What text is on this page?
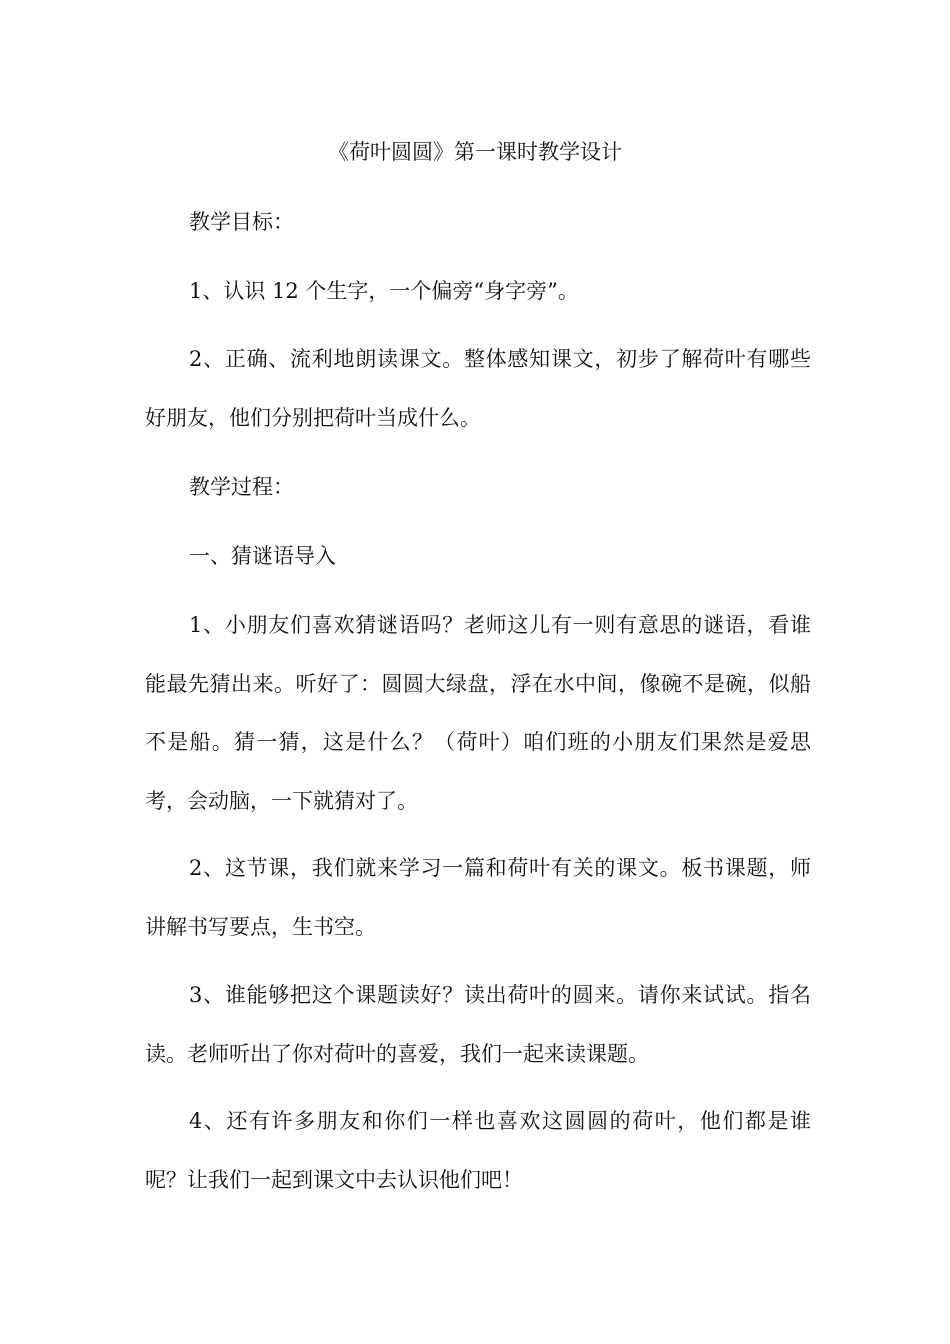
《荷叶圆圆》第一课时教学设计

教学目标：

1、认识 12 个生字，一个偏旁“身字旁”。

2、正确、流利地朗读课文。整体感知课文，初步了解荷叶有哪些好朋友，他们分别把荷叶当成什么。

教学过程：

一、猜谜语导入

1、小朋友们喜欢猜谜语吗？老师这儿有一则有意思的谜语，看谁能最先猜出来。听好了：圆圆大绿盘，浮在水中间，像碗不是碗，似船不是船。猜一猜，这是什么？（荷叶）咱们班的小朋友们果然是爱思考，会动脑，一下就猜对了。

2、这节课，我们就来学习一篇和荷叶有关的课文。板书课题，师讲解书写要点，生书空。

3、谁能够把这个课题读好？读出荷叶的圆来。请你来试试。指名读。老师听出了你对荷叶的喜爱，我们一起来读课题。

4、还有许多朋友和你们一样也喜欢这圆圆的荷叶，他们都是谁呢？让我们一起到课文中去认识他们吧！
